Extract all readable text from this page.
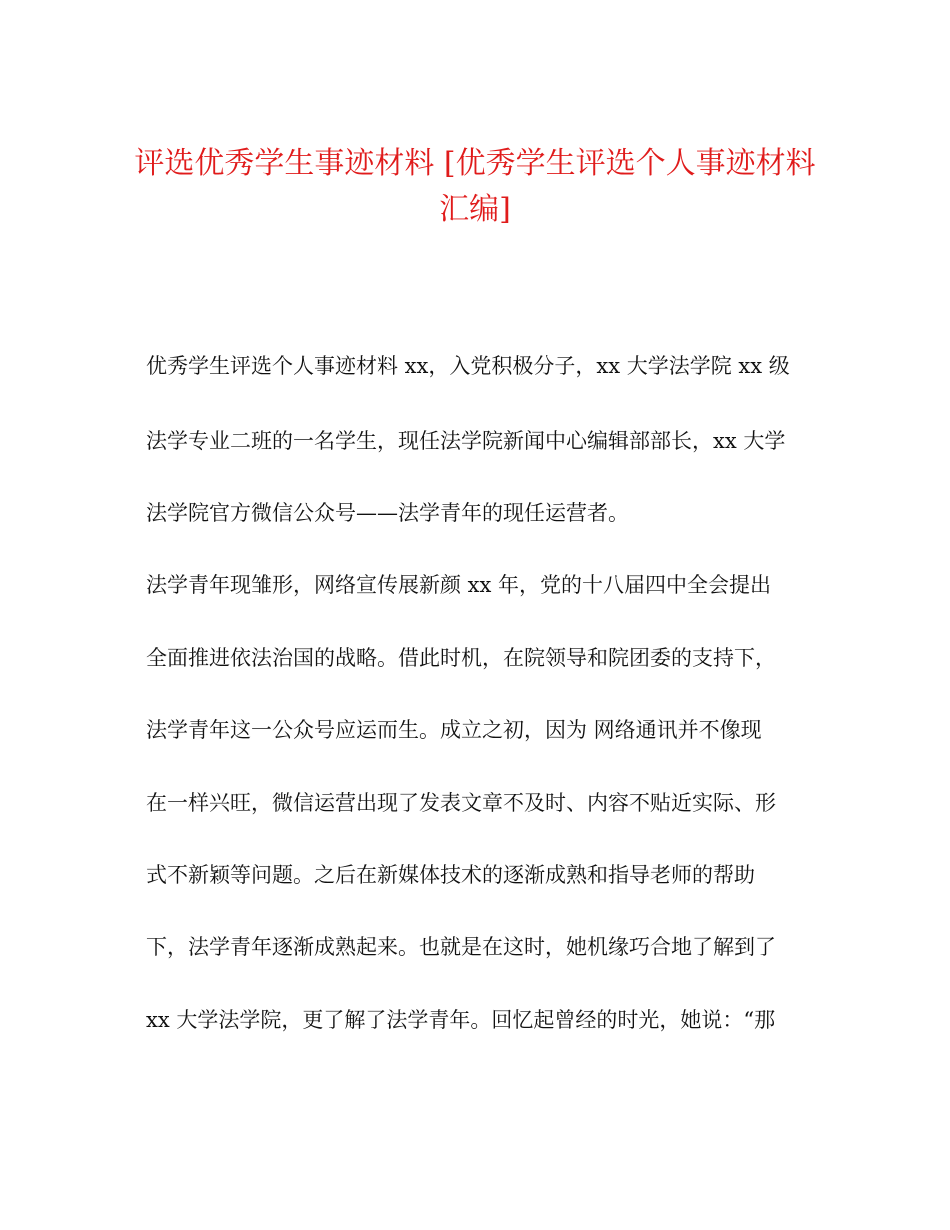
评选优秀学生事迹材料 [优秀学生评选个人事迹材料
汇编]

优秀学生评选个人事迹材料 xx，入党积极分子，xx 大学法学院 xx 级

法学专业二班的一名学生，现任法学院新闻中心编辑部部长，xx 大学

法学院官方微信公众号——法学青年的现任运营者。

法学青年现雏形，网络宣传展新颜 xx 年，党的十八届四中全会提出

全面推进依法治国的战略。借此时机，在院领导和院团委的支持下，

法学青年这一公众号应运而生。成立之初，因为 网络通讯并不像现

在一样兴旺，微信运营出现了发表文章不及时、内容不贴近实际、形

式不新颖等问题。之后在新媒体技术的逐渐成熟和指导老师的帮助

下，法学青年逐渐成熟起来。也就是在这时，她机缘巧合地了解到了

xx 大学法学院，更了解了法学青年。回忆起曾经的时光，她说：“那
